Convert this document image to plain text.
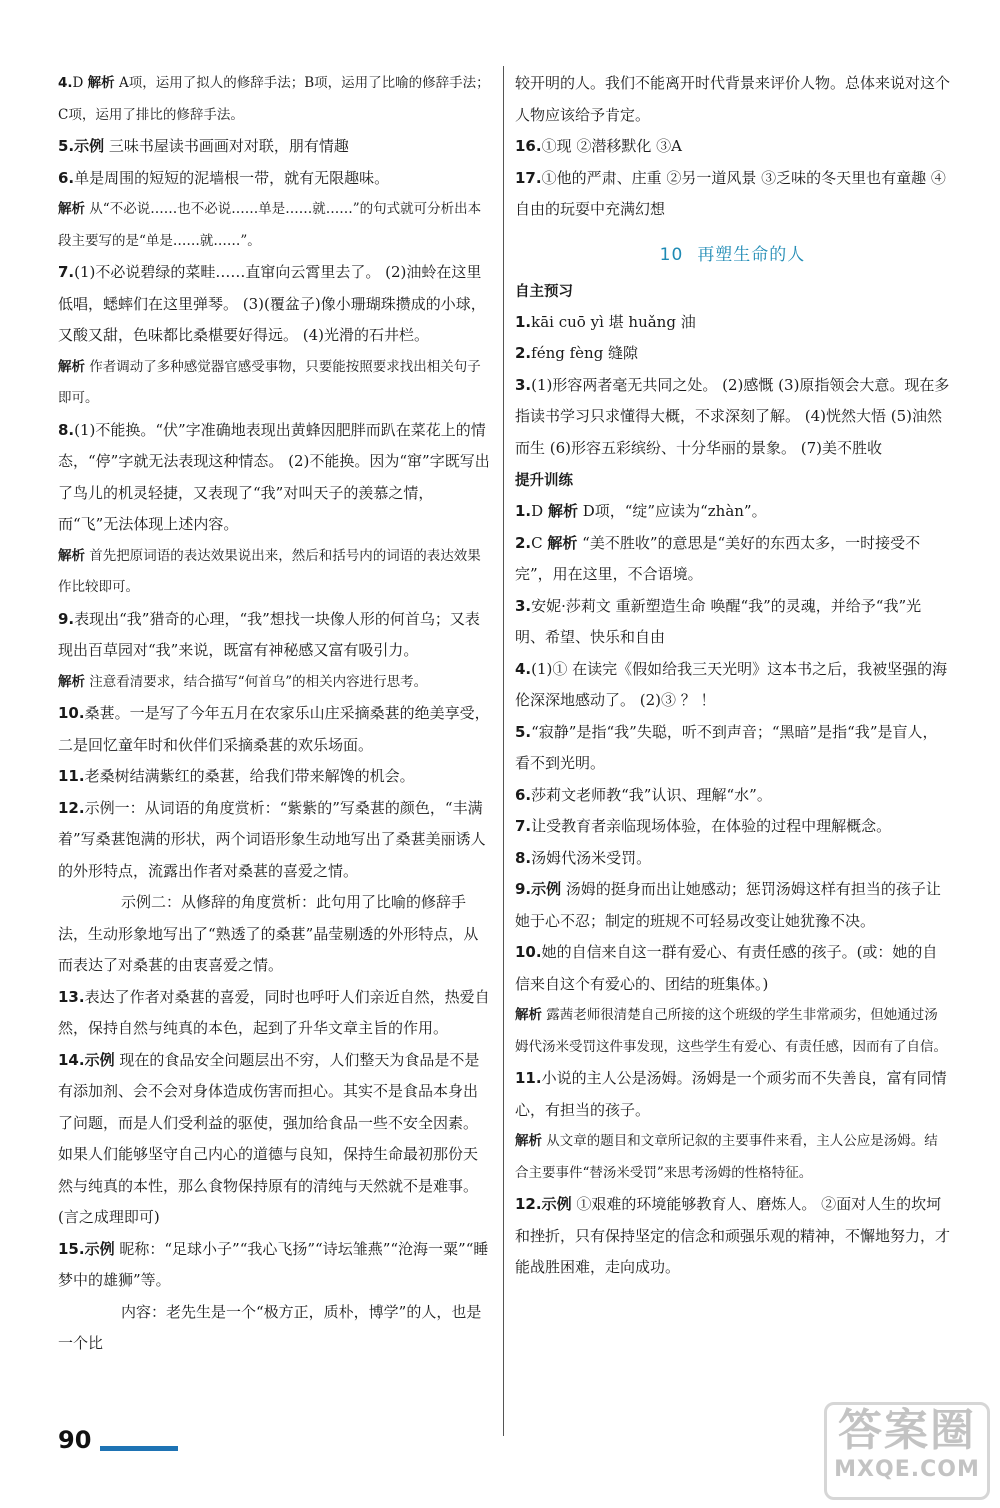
4.D 解析 A项，运用了拟人的修辞手法；B项，运用了比喻的修辞手法；C项，运用了排比的修辞手法。

5.示例 三味书屋读书画画对对联，朋有情趣

6.单是周围的短短的泥墙根一带，就有无限趣味。

解析 从“不必说……也不必说……单是……就……”的句式就可分析出本段主要写的是“单是……就……”。

7.(1)不必说碧绿的菜畦……直窜向云霄里去了。 (2)油蛉在这里低唱，蟋蟀们在这里弹琴。 (3)(覆盆子)像小珊瑚珠攒成的小球，又酸又甜，色味都比桑椹要好得远。 (4)光滑的石井栏。

解析 作者调动了多种感觉器官感受事物，只要能按照要求找出相关句子即可。

8.(1)不能换。“伏”字准确地表现出黄蜂因肥胖而趴在菜花上的情态，“停”字就无法表现这种情态。 (2)不能换。因为“窜”字既写出了鸟儿的机灵轻捷，又表现了“我”对叫天子的羡慕之情，而“飞”无法体现上述内容。

解析 首先把原词语的表达效果说出来，然后和括号内的词语的表达效果作比较即可。

9.表现出“我”猎奇的心理，“我”想找一块像人形的何首乌；又表现出百草园对“我”来说，既富有神秘感又富有吸引力。

解析 注意看清要求，结合描写“何首乌”的相关内容进行思考。

10.桑葚。一是写了今年五月在农家乐山庄采摘桑葚的绝美享受，二是回忆童年时和伙伴们采摘桑葚的欢乐场面。

11.老桑树结满紫红的桑葚，给我们带来解馋的机会。

12.示例一：从词语的角度赏析：“紫紫的”写桑葚的颜色，“丰满着”写桑葚饱满的形状，两个词语形象生动地写出了桑葚美丽诱人的外形特点，流露出作者对桑葚的喜爱之情。

示例二：从修辞的角度赏析：此句用了比喻的修辞手法，生动形象地写出了“熟透了的桑葚”晶莹剔透的外形特点，从而表达了对桑葚的由衷喜爱之情。

13.表达了作者对桑葚的喜爱，同时也呼吁人们亲近自然，热爱自然，保持自然与纯真的本色，起到了升华文章主旨的作用。

14.示例 现在的食品安全问题层出不穷，人们整天为食品是不是有添加剂、会不会对身体造成伤害而担心。其实不是食品本身出了问题，而是人们受利益的驱使，强加给食品一些不安全因素。如果人们能够坚守自己内心的道德与良知，保持生命最初那份天然与纯真的本性，那么食物保持原有的清纯与天然就不是难事。(言之成理即可)

15.示例 昵称：“足球小子”“我心飞扬”“诗坛雏燕”“沧海一粟”“睡梦中的雄狮”等。

内容：老先生是一个“极方正，质朴，博学”的人，也是一个比

较开明的人。我们不能离开时代背景来评价人物。总体来说对这个人物应该给予肯定。

16.①现 ②潜移默化 ③A

17.①他的严肃、庄重 ②另一道风景 ③乏味的冬天里也有童趣 ④自由的玩耍中充满幻想

10 再塑生命的人
自主预习

1.kāi cuō yì 堪 huǎng 油

2.féng fèng 缝隙

3.(1)形容两者毫无共同之处。 (2)感慨 (3)原指领会大意。现在多指读书学习只求懂得大概，不求深刻了解。 (4)恍然大悟 (5)油然而生 (6)形容五彩缤纷、十分华丽的景象。 (7)美不胜收

提升训练

1.D 解析 D项，“绽”应读为“zhàn”。

2.C 解析 “美不胜收”的意思是“美好的东西太多，一时接受不完”，用在这里，不合语境。

3.安妮·莎莉文 重新塑造生命 唤醒“我”的灵魂，并给予“我”光明、希望、快乐和自由

4.(1)① 在读完《假如给我三天光明》这本书之后，我被坚强的海伦深深地感动了。 (2)③ ？ ！

5.“寂静”是指“我”失聪，听不到声音；“黑暗”是指“我”是盲人，看不到光明。

6.莎莉文老师教“我”认识、理解“水”。

7.让受教育者亲临现场体验，在体验的过程中理解概念。

8.汤姆代汤米受罚。

9.示例 汤姆的挺身而出让她感动；惩罚汤姆这样有担当的孩子让她于心不忍；制定的班规不可轻易改变让她犹豫不决。

10.她的自信来自这一群有爱心、有责任感的孩子。(或：她的自信来自这个有爱心的、团结的班集体。)

解析 露茜老师很清楚自己所接的这个班级的学生非常顽劣，但她通过汤姆代汤米受罚这件事发现，这些学生有爱心、有责任感，因而有了自信。

11.小说的主人公是汤姆。汤姆是一个顽劣而不失善良，富有同情心，有担当的孩子。

解析 从文章的题目和文章所记叙的主要事件来看，主人公应是汤姆。结合主要事件“替汤米受罚”来思考汤姆的性格特征。

12.示例 ①艰难的环境能够教育人、磨炼人。 ②面对人生的坎坷和挫折，只有保持坚定的信念和顽强乐观的精神，不懈地努力，才能战胜困难，走向成功。

90	答案圈
MXQE.COM
